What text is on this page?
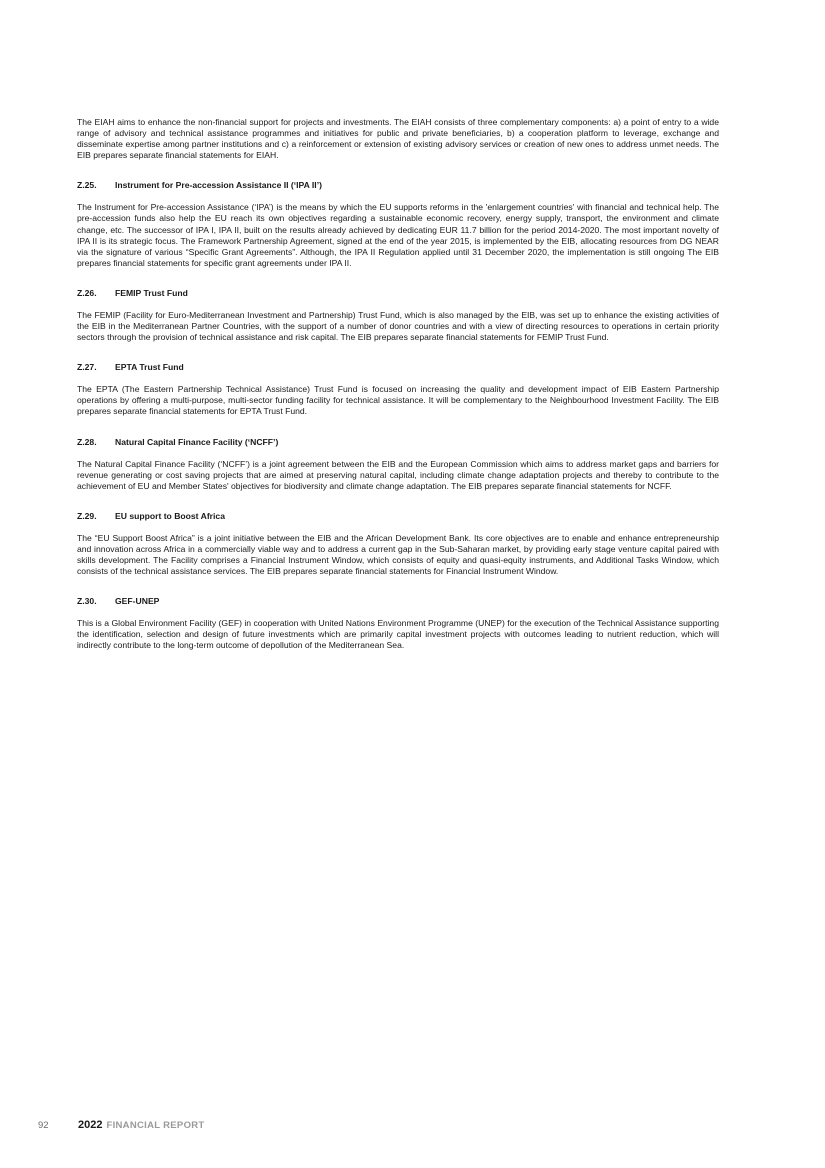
The EIAH aims to enhance the non-financial support for projects and investments. The EIAH consists of three complementary components: a) a point of entry to a wide range of advisory and technical assistance programmes and initiatives for public and private beneficiaries, b) a cooperation platform to leverage, exchange and disseminate expertise among partner institutions and c) a reinforcement or extension of existing advisory services or creation of new ones to address unmet needs. The EIB prepares separate financial statements for EIAH.

Z.25. Instrument for Pre-accession Assistance II (‘IPA II’)

The Instrument for Pre-accession Assistance (‘IPA’) is the means by which the EU supports reforms in the 'enlargement countries' with financial and technical help. The pre-accession funds also help the EU reach its own objectives regarding a sustainable economic recovery, energy supply, transport, the environment and climate change, etc. The successor of IPA I, IPA II, built on the results already achieved by dedicating EUR 11.7 billion for the period 2014-2020. The most important novelty of IPA II is its strategic focus. The Framework Partnership Agreement, signed at the end of the year 2015, is implemented by the EIB, allocating resources from DG NEAR via the signature of various “Specific Grant Agreements”. Although, the IPA II Regulation applied until 31 December 2020, the implementation is still ongoing The EIB prepares financial statements for specific grant agreements under IPA II.

Z.26. FEMIP Trust Fund

The FEMIP (Facility for Euro-Mediterranean Investment and Partnership) Trust Fund, which is also managed by the EIB, was set up to enhance the existing activities of the EIB in the Mediterranean Partner Countries, with the support of a number of donor countries and with a view of directing resources to operations in certain priority sectors through the provision of technical assistance and risk capital. The EIB prepares separate financial statements for FEMIP Trust Fund.

Z.27. EPTA Trust Fund

The EPTA (The Eastern Partnership Technical Assistance) Trust Fund is focused on increasing the quality and development impact of EIB Eastern Partnership operations by offering a multi-purpose, multi-sector funding facility for technical assistance. It will be complementary to the Neighbourhood Investment Facility. The EIB prepares separate financial statements for EPTA Trust Fund.

Z.28. Natural Capital Finance Facility (‘NCFF’)

The Natural Capital Finance Facility (‘NCFF’) is a joint agreement between the EIB and the European Commission which aims to address market gaps and barriers for revenue generating or cost saving projects that are aimed at preserving natural capital, including climate change adaptation projects and thereby to contribute to the achievement of EU and Member States' objectives for biodiversity and climate change adaptation. The EIB prepares separate financial statements for NCFF.

Z.29. EU support to Boost Africa

The “EU Support Boost Africa” is a joint initiative between the EIB and the African Development Bank. Its core objectives are to enable and enhance entrepreneurship and innovation across Africa in a commercially viable way and to address a current gap in the Sub-Saharan market, by providing early stage venture capital paired with skills development. The Facility comprises a Financial Instrument Window, which consists of equity and quasi-equity instruments, and Additional Tasks Window, which consists of the technical assistance services. The EIB prepares separate financial statements for Financial Instrument Window.

Z.30. GEF-UNEP

This is a Global Environment Facility (GEF) in cooperation with United Nations Environment Programme (UNEP) for the execution of the Technical Assistance supporting the identification, selection and design of future investments which are primarily capital investment projects with outcomes leading to nutrient reduction, which will indirectly contribute to the long-term outcome of depollution of the Mediterranean Sea.

92	2022 FINANCIAL REPORT
